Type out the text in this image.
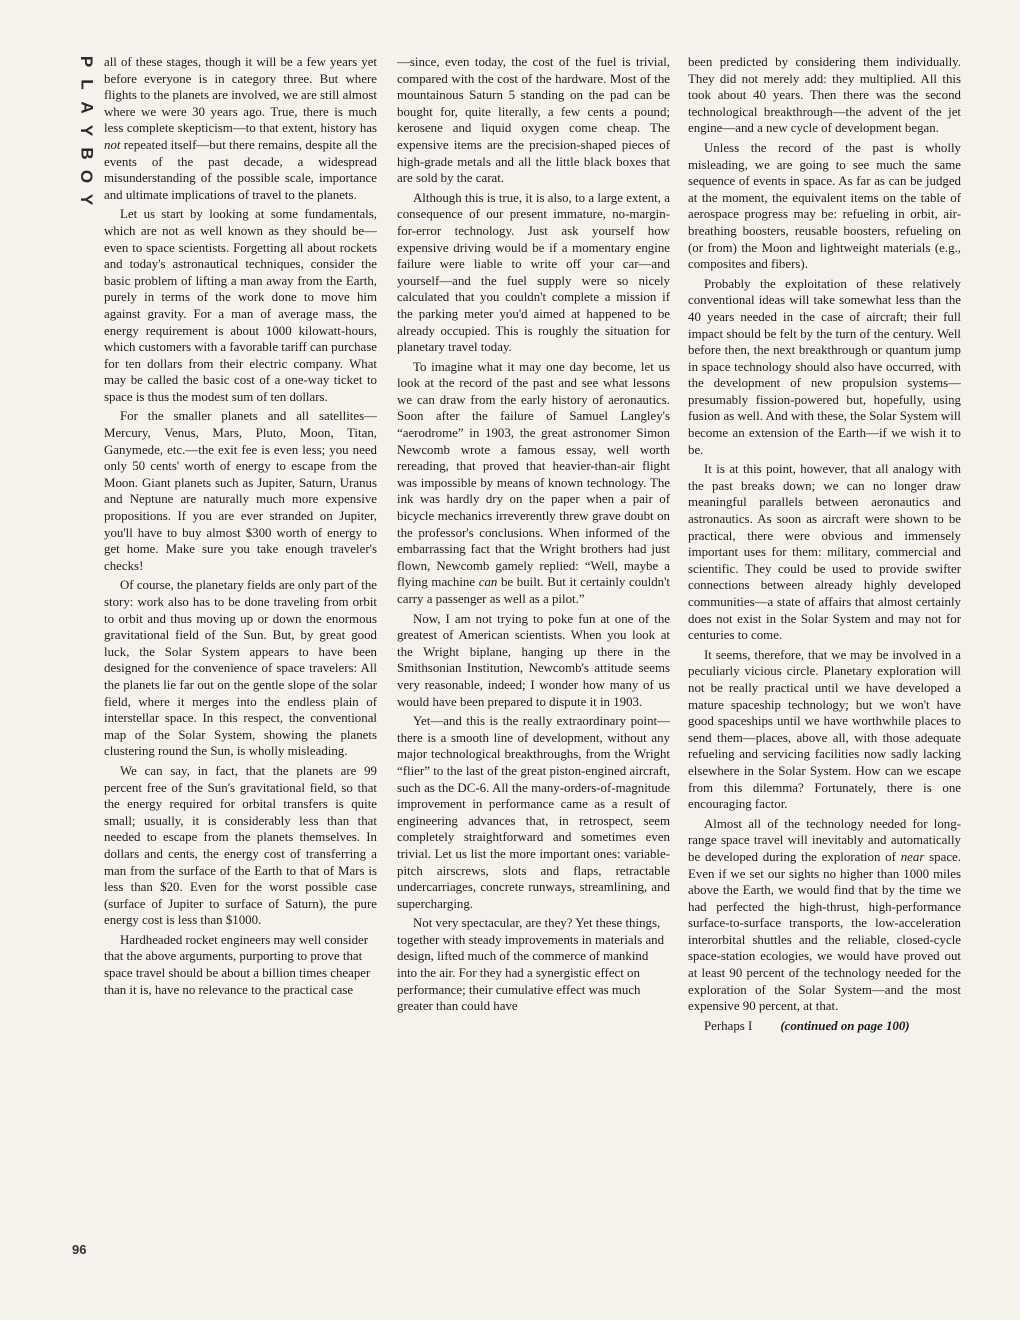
P
L
A
Y
B
O
Y
96

all of these stages, though it will be a few years yet before everyone is in category three. But where flights to the planets are involved, we are still almost where we were 30 years ago. True, there is much less complete skepticism—to that extent, history has not repeated itself—but there remains, despite all the events of the past decade, a widespread misunderstanding of the possible scale, importance and ultimate implications of travel to the planets.

Let us start by looking at some fundamentals, which are not as well known as they should be—even to space scientists. Forgetting all about rockets and today's astronautical techniques, consider the basic problem of lifting a man away from the Earth, purely in terms of the work done to move him against gravity. For a man of average mass, the energy requirement is about 1000 kilowatt-hours, which customers with a favorable tariff can purchase for ten dollars from their electric company. What may be called the basic cost of a one-way ticket to space is thus the modest sum of ten dollars.

For the smaller planets and all satellites—Mercury, Venus, Mars, Pluto, Moon, Titan, Ganymede, etc.—the exit fee is even less; you need only 50 cents' worth of energy to escape from the Moon. Giant planets such as Jupiter, Saturn, Uranus and Neptune are naturally much more expensive propositions. If you are ever stranded on Jupiter, you'll have to buy almost $300 worth of energy to get home. Make sure you take enough traveler's checks!

Of course, the planetary fields are only part of the story: work also has to be done traveling from orbit to orbit and thus moving up or down the enormous gravitational field of the Sun. But, by great good luck, the Solar System appears to have been designed for the convenience of space travelers: All the planets lie far out on the gentle slope of the solar field, where it merges into the endless plain of interstellar space. In this respect, the conventional map of the Solar System, showing the planets clustering round the Sun, is wholly misleading.

We can say, in fact, that the planets are 99 percent free of the Sun's gravitational field, so that the energy required for orbital transfers is quite small; usually, it is considerably less than that needed to escape from the planets themselves. In dollars and cents, the energy cost of transferring a man from the surface of the Earth to that of Mars is less than $20. Even for the worst possible case (surface of Jupiter to surface of Saturn), the pure energy cost is less than $1000.

Hardheaded rocket engineers may well consider that the above arguments, purporting to prove that space travel should be about a billion times cheaper than it is, have no relevance to the practical case

—since, even today, the cost of the fuel is trivial, compared with the cost of the hardware. Most of the mountainous Saturn 5 standing on the pad can be bought for, quite literally, a few cents a pound; kerosene and liquid oxygen come cheap. The expensive items are the precision-shaped pieces of high-grade metals and all the little black boxes that are sold by the carat.

Although this is true, it is also, to a large extent, a consequence of our present immature, no-margin-for-error technology. Just ask yourself how expensive driving would be if a momentary engine failure were liable to write off your car—and yourself—and the fuel supply were so nicely calculated that you couldn't complete a mission if the parking meter you'd aimed at happened to be already occupied. This is roughly the situation for planetary travel today.

To imagine what it may one day become, let us look at the record of the past and see what lessons we can draw from the early history of aeronautics. Soon after the failure of Samuel Langley's “aerodrome” in 1903, the great astronomer Simon Newcomb wrote a famous essay, well worth rereading, that proved that heavier-than-air flight was impossible by means of known technology. The ink was hardly dry on the paper when a pair of bicycle mechanics irreverently threw grave doubt on the professor's conclusions. When informed of the embarrassing fact that the Wright brothers had just flown, Newcomb gamely replied: “Well, maybe a flying machine can be built. But it certainly couldn't carry a passenger as well as a pilot.”

Now, I am not trying to poke fun at one of the greatest of American scientists. When you look at the Wright biplane, hanging up there in the Smithsonian Institution, Newcomb's attitude seems very reasonable, indeed; I wonder how many of us would have been prepared to dispute it in 1903.

Yet—and this is the really extraordinary point—there is a smooth line of development, without any major technological breakthroughs, from the Wright “flier” to the last of the great piston-engined aircraft, such as the DC-6. All the many-orders-of-magnitude improvement in performance came as a result of engineering advances that, in retrospect, seem completely straightforward and sometimes even trivial. Let us list the more important ones: variable-pitch airscrews, slots and flaps, retractable undercarriages, concrete runways, streamlining, and supercharging.

Not very spectacular, are they? Yet these things, together with steady improvements in materials and design, lifted much of the commerce of mankind into the air. For they had a synergistic effect on performance; their cumulative effect was much greater than could have

been predicted by considering them individually. They did not merely add: they multiplied. All this took about 40 years. Then there was the second technological breakthrough—the advent of the jet engine—and a new cycle of development began.

Unless the record of the past is wholly misleading, we are going to see much the same sequence of events in space. As far as can be judged at the moment, the equivalent items on the table of aerospace progress may be: refueling in orbit, air-breathing boosters, reusable boosters, refueling on (or from) the Moon and lightweight materials (e.g., composites and fibers).

Probably the exploitation of these relatively conventional ideas will take somewhat less than the 40 years needed in the case of aircraft; their full impact should be felt by the turn of the century. Well before then, the next breakthrough or quantum jump in space technology should also have occurred, with the development of new propulsion systems—presumably fission-powered but, hopefully, using fusion as well. And with these, the Solar System will become an extension of the Earth—if we wish it to be.

It is at this point, however, that all analogy with the past breaks down; we can no longer draw meaningful parallels between aeronautics and astronautics. As soon as aircraft were shown to be practical, there were obvious and immensely important uses for them: military, commercial and scientific. They could be used to provide swifter connections between already highly developed communities—a state of affairs that almost certainly does not exist in the Solar System and may not for centuries to come.

It seems, therefore, that we may be involved in a peculiarly vicious circle. Planetary exploration will not be really practical until we have developed a mature spaceship technology; but we won't have good spaceships until we have worthwhile places to send them—places, above all, with those adequate refueling and servicing facilities now sadly lacking elsewhere in the Solar System. How can we escape from this dilemma? Fortunately, there is one encouraging factor.

Almost all of the technology needed for long-range space travel will inevitably and automatically be developed during the exploration of near space. Even if we set our sights no higher than 1000 miles above the Earth, we would find that by the time we had perfected the high-thrust, high-performance surface-to-surface transports, the low-acceleration interorbital shuttles and the reliable, closed-cycle space-station ecologies, we would have proved out at least 90 percent of the technology needed for the exploration of the Solar System—and the most expensive 90 percent, at that.

Perhaps I (continued on page 100)
